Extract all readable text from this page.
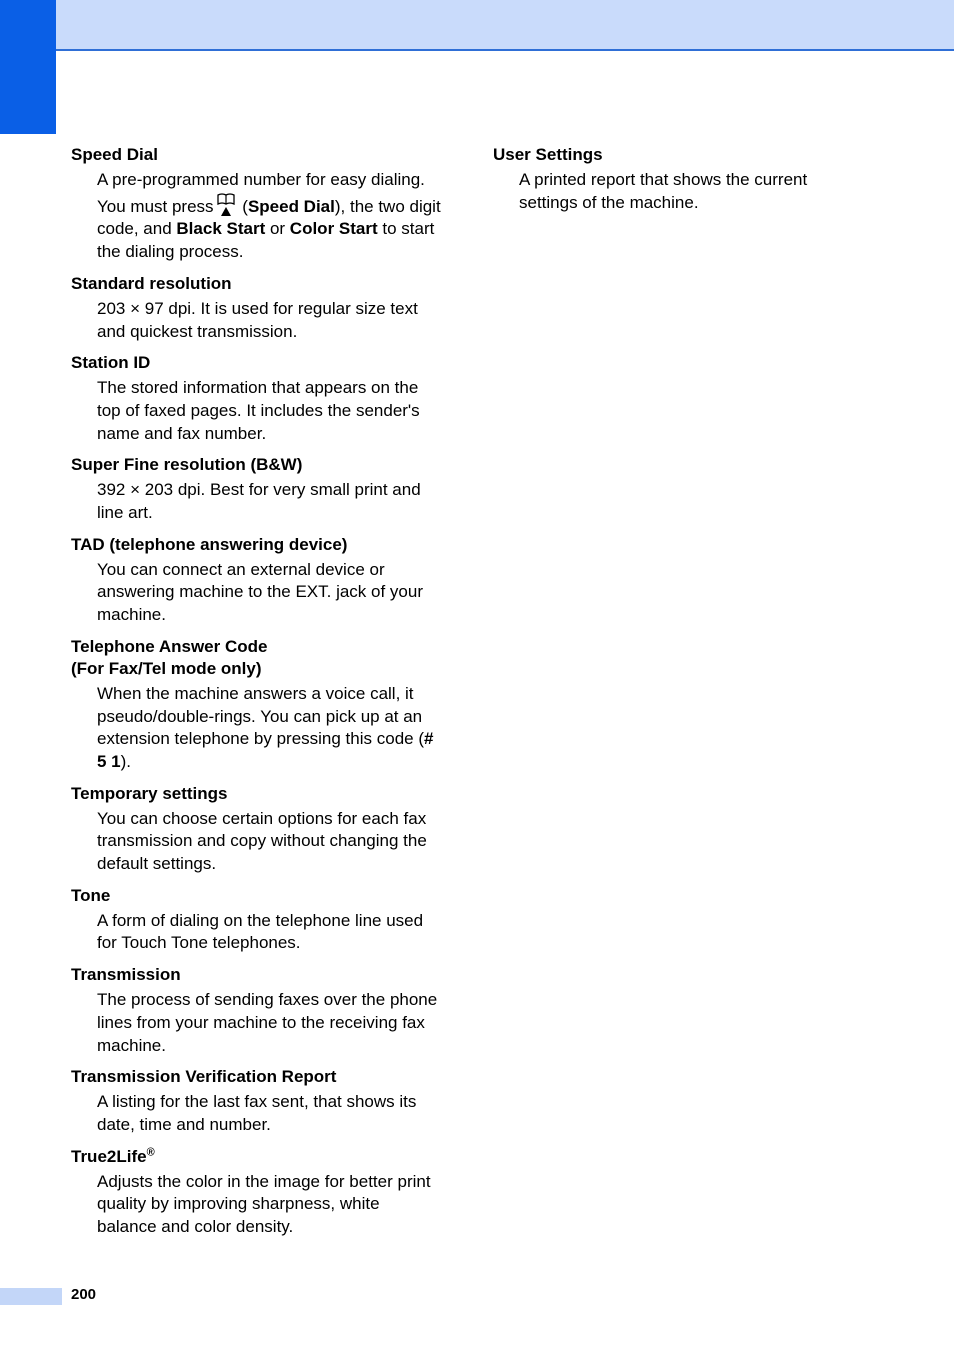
Speed Dial

A pre-programmed number for easy dialing. You must press (Speed Dial), the two digit code, and Black Start or Color Start to start the dialing process.

Standard resolution

203 × 97 dpi. It is used for regular size text and quickest transmission.

Station ID

The stored information that appears on the top of faxed pages. It includes the sender's name and fax number.

Super Fine resolution (B&W)

392 × 203 dpi. Best for very small print and line art.

TAD (telephone answering device)

You can connect an external device or answering machine to the EXT. jack of your machine.

Telephone Answer Code
(For Fax/Tel mode only)

When the machine answers a voice call, it pseudo/double-rings. You can pick up at an extension telephone by pressing this code (# 5 1).

Temporary settings

You can choose certain options for each fax transmission and copy without changing the default settings.

Tone

A form of dialing on the telephone line used for Touch Tone telephones.

Transmission

The process of sending faxes over the phone lines from your machine to the receiving fax machine.

Transmission Verification Report

A listing for the last fax sent, that shows its date, time and number.

True2Life®

Adjusts the color in the image for better print quality by improving sharpness, white balance and color density.

User Settings

A printed report that shows the current settings of the machine.

200
